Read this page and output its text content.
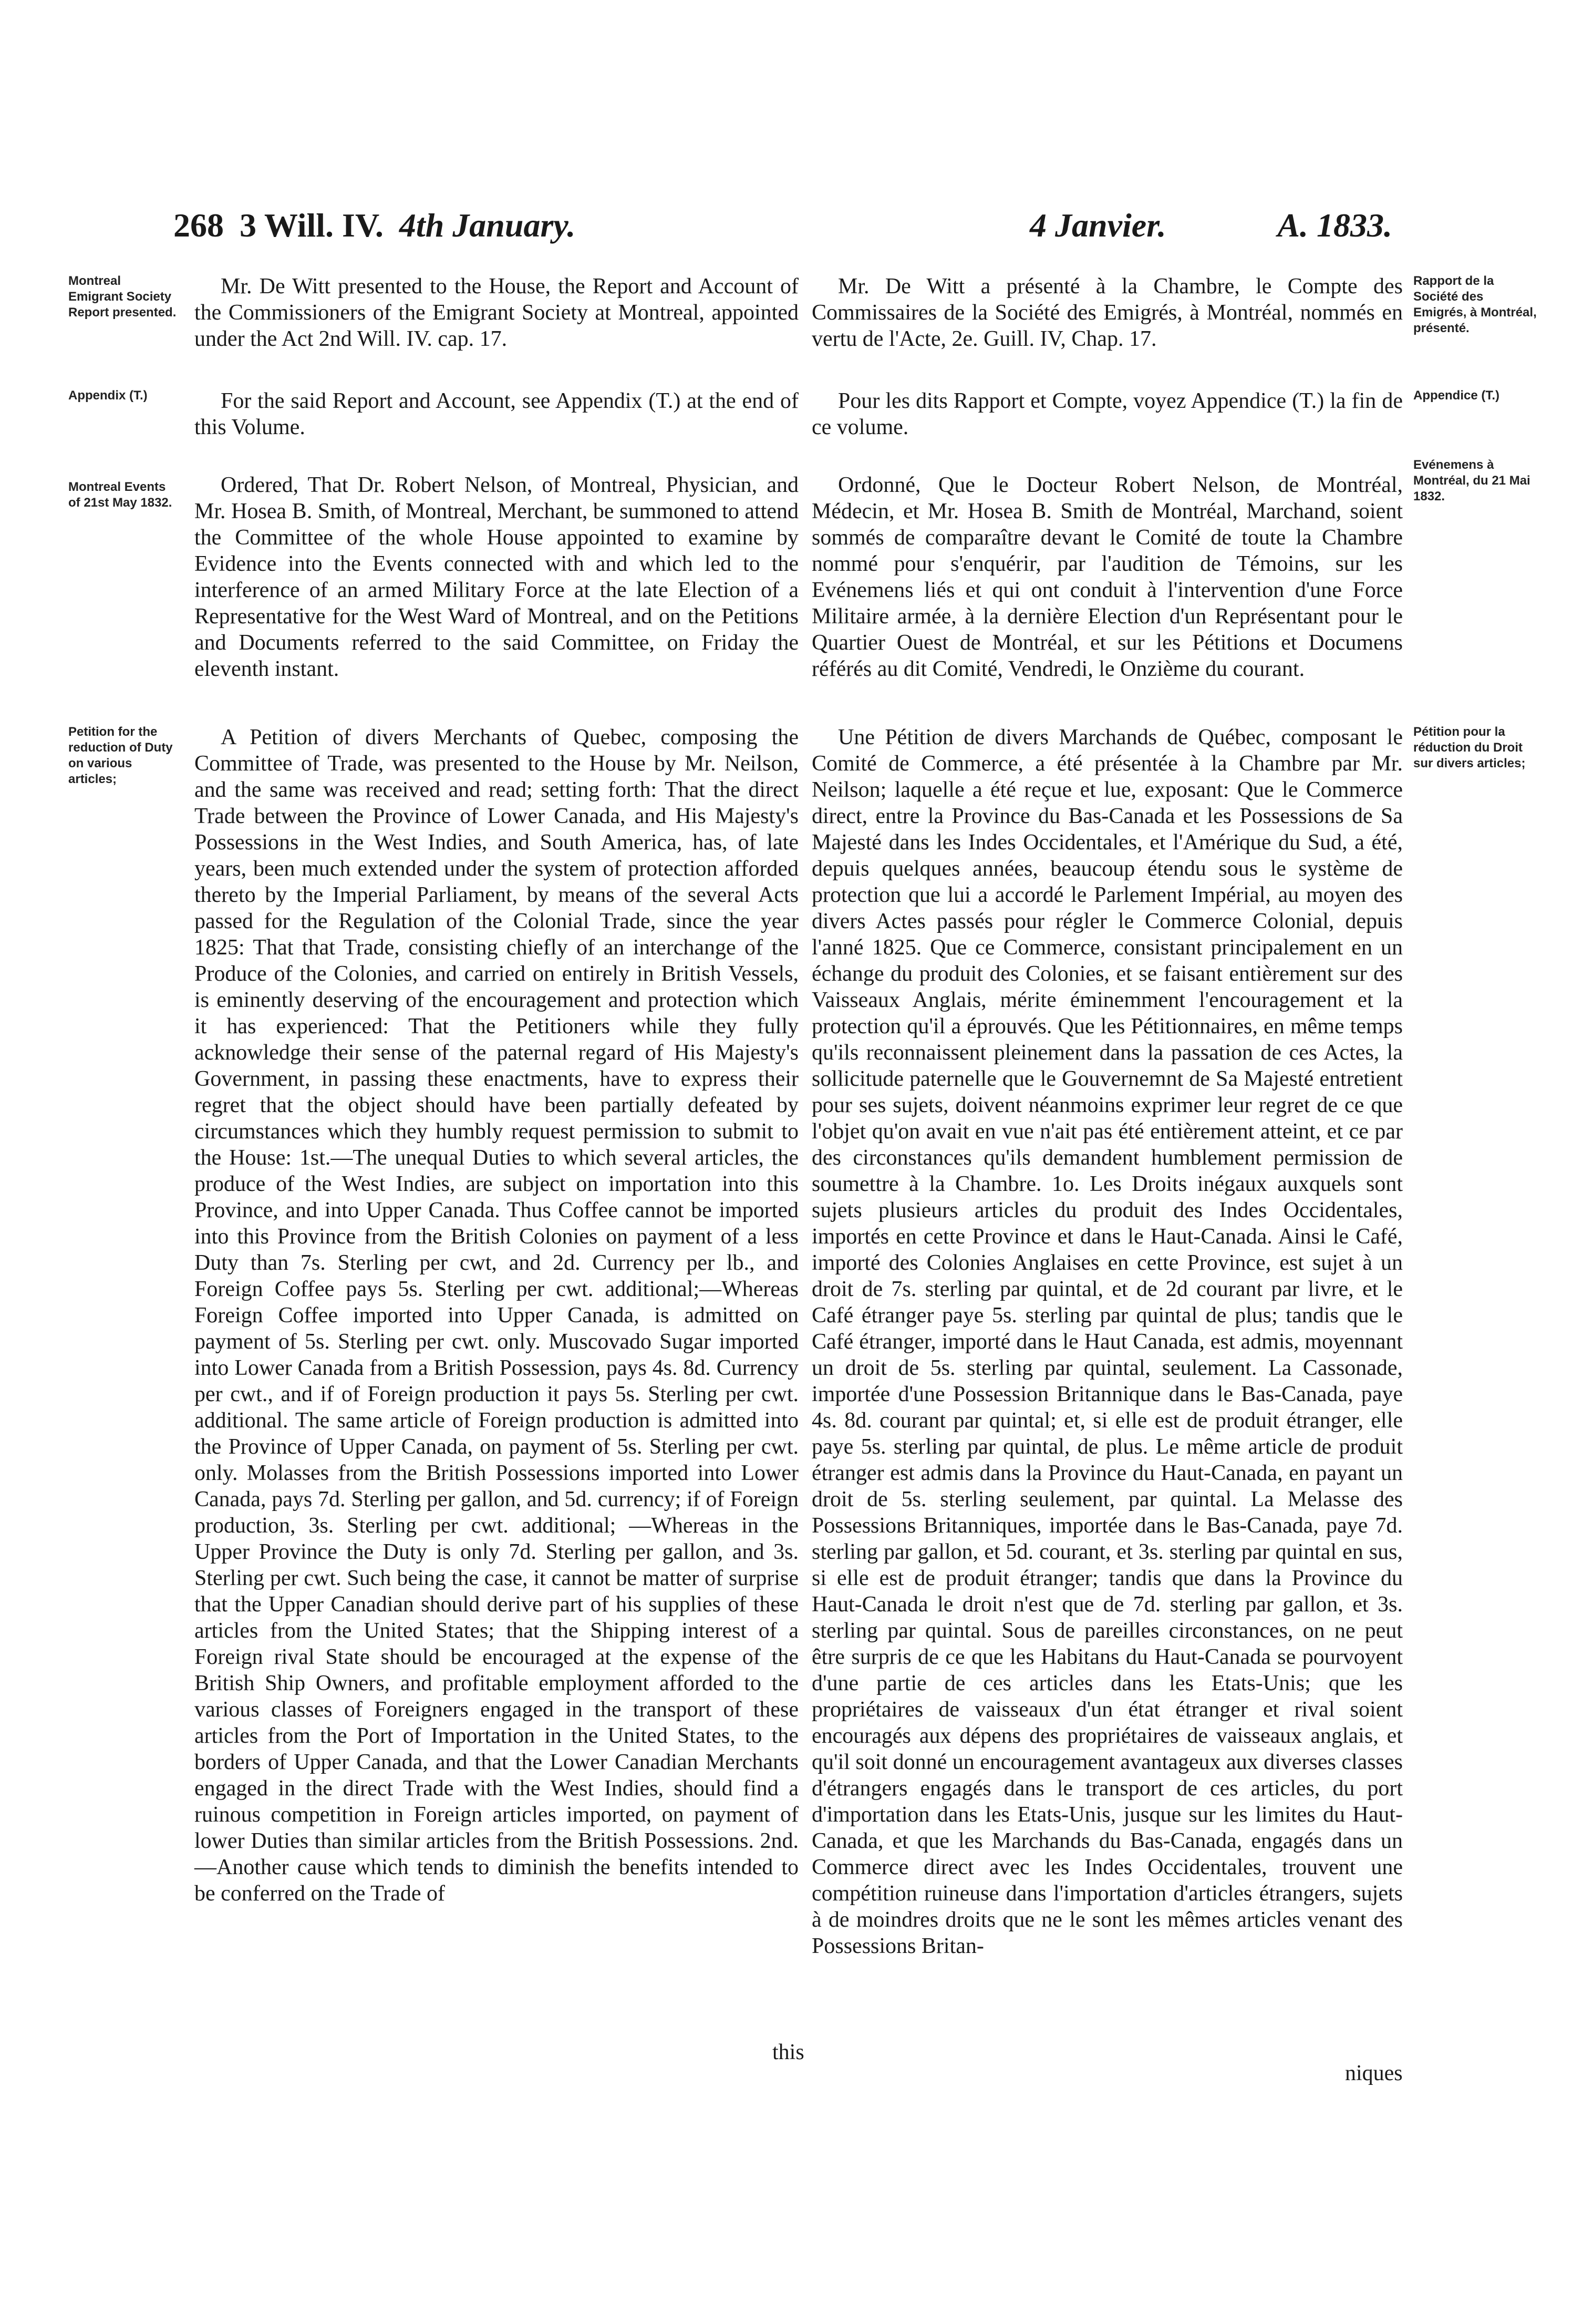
268 3 Will. IV. 4th January.	4 Janvier.	A. 1833.
Montreal Emigrant Society Report presented.
Appendix (T.)
Montreal Events of 21st May 1832.
Petition for the reduction of Duty on various articles;
Rapport de la Société des Emigrés, à Montréal, présenté.
Appendice (T.)
Evénemens à Montréal, du 21 Mai 1832.
Pétition pour la réduction du Droit sur divers articles;

Mr. De Witt presented to the House, the Report and Account of the Commissioners of the Emigrant Society at Montreal, appointed under the Act 2nd Will. IV. cap. 17.

For the said Report and Account, see Appendix (T.) at the end of this Volume.

Ordered, That Dr. Robert Nelson, of Montreal, Physician, and Mr. Hosea B. Smith, of Montreal, Merchant, be summoned to attend the Committee of the whole House appointed to examine by Evidence into the Events connected with and which led to the interference of an armed Military Force at the late Election of a Representative for the West Ward of Montreal, and on the Petitions and Documents referred to the said Committee, on Friday the eleventh instant.

A Petition of divers Merchants of Quebec, composing the Committee of Trade, was presented to the House by Mr. Neilson, and the same was received and read; setting forth: That the direct Trade between the Province of Lower Canada, and His Majesty's Possessions in the West Indies, and South America, has, of late years, been much extended under the system of protection afforded thereto by the Imperial Parliament, by means of the several Acts passed for the Regulation of the Colonial Trade, since the year 1825: That that Trade, consisting chiefly of an interchange of the Produce of the Colonies, and carried on entirely in British Vessels, is eminently deserving of the encouragement and protection which it has experienced: That the Petitioners while they fully acknowledge their sense of the paternal regard of His Majesty's Government, in passing these enactments, have to express their regret that the object should have been partially defeated by circumstances which they humbly request permission to submit to the House: 1st.—The unequal Duties to which several articles, the produce of the West Indies, are subject on importation into this Province, and into Upper Canada. Thus Coffee cannot be imported into this Province from the British Colonies on payment of a less Duty than 7s. Sterling per cwt, and 2d. Currency per lb., and Foreign Coffee pays 5s. Sterling per cwt. additional;—Whereas Foreign Coffee imported into Upper Canada, is admitted on payment of 5s. Sterling per cwt. only. Muscovado Sugar imported into Lower Canada from a British Possession, pays 4s. 8d. Currency per cwt., and if of Foreign production it pays 5s. Sterling per cwt. additional. The same article of Foreign production is admitted into the Province of Upper Canada, on payment of 5s. Sterling per cwt. only. Molasses from the British Possessions imported into Lower Canada, pays 7d. Sterling per gallon, and 5d. currency; if of Foreign production, 3s. Sterling per cwt. additional; —Whereas in the Upper Province the Duty is only 7d. Sterling per gallon, and 3s. Sterling per cwt. Such being the case, it cannot be matter of surprise that the Upper Canadian should derive part of his supplies of these articles from the United States; that the Shipping interest of a Foreign rival State should be encouraged at the expense of the British Ship Owners, and profitable employment afforded to the various classes of Foreigners engaged in the transport of these articles from the Port of Importation in the United States, to the borders of Upper Canada, and that the Lower Canadian Merchants engaged in the direct Trade with the West Indies, should find a ruinous competition in Foreign articles imported, on payment of lower Duties than similar articles from the British Possessions. 2nd.—Another cause which tends to diminish the benefits intended to be conferred on the Trade of

this

Mr. De Witt a présenté à la Chambre, le Compte des Commissaires de la Société des Emigrés, à Montréal, nommés en vertu de l'Acte, 2e. Guill. IV, Chap. 17.

Pour les dits Rapport et Compte, voyez Appendice (T.) la fin de ce volume.

Ordonné, Que le Docteur Robert Nelson, de Montréal, Médecin, et Mr. Hosea B. Smith de Montréal, Marchand, soient sommés de comparaître devant le Comité de toute la Chambre nommé pour s'enquérir, par l'audition de Témoins, sur les Evénemens liés et qui ont conduit à l'intervention d'une Force Militaire armée, à la dernière Election d'un Représentant pour le Quartier Ouest de Montréal, et sur les Pétitions et Documens référés au dit Comité, Vendredi, le Onzième du courant.

Une Pétition de divers Marchands de Québec, composant le Comité de Commerce, a été présentée à la Chambre par Mr. Neilson; laquelle a été reçue et lue, exposant: Que le Commerce direct, entre la Province du Bas-Canada et les Possessions de Sa Majesté dans les Indes Occidentales, et l'Amérique du Sud, a été, depuis quelques années, beaucoup étendu sous le système de protection que lui a accordé le Parlement Impérial, au moyen des divers Actes passés pour régler le Commerce Colonial, depuis l'anné 1825. Que ce Commerce, consistant principalement en un échange du produit des Colonies, et se faisant entièrement sur des Vaisseaux Anglais, mérite éminemment l'encouragement et la protection qu'il a éprouvés. Que les Pétitionnaires, en même temps qu'ils reconnaissent pleinement dans la passation de ces Actes, la sollicitude paternelle que le Gouvernemnt de Sa Majesté entretient pour ses sujets, doivent néanmoins exprimer leur regret de ce que l'objet qu'on avait en vue n'ait pas été entièrement atteint, et ce par des circonstances qu'ils demandent humblement permission de soumettre à la Chambre. 1o. Les Droits inégaux auxquels sont sujets plusieurs articles du produit des Indes Occidentales, importés en cette Province et dans le Haut-Canada. Ainsi le Café, importé des Colonies Anglaises en cette Province, est sujet à un droit de 7s. sterling par quintal, et de 2d courant par livre, et le Café étranger paye 5s. sterling par quintal de plus; tandis que le Café étranger, importé dans le Haut Canada, est admis, moyennant un droit de 5s. sterling par quintal, seulement. La Cassonade, importée d'une Possession Britannique dans le Bas-Canada, paye 4s. 8d. courant par quintal; et, si elle est de produit étranger, elle paye 5s. sterling par quintal, de plus. Le même article de produit étranger est admis dans la Province du Haut-Canada, en payant un droit de 5s. sterling seulement, par quintal. La Melasse des Possessions Britanniques, importée dans le Bas-Canada, paye 7d. sterling par gallon, et 5d. courant, et 3s. sterling par quintal en sus, si elle est de produit étranger; tandis que dans la Province du Haut-Canada le droit n'est que de 7d. sterling par gallon, et 3s. sterling par quintal. Sous de pareilles circonstances, on ne peut être surpris de ce que les Habitans du Haut-Canada se pourvoyent d'une partie de ces articles dans les Etats-Unis; que les propriétaires de vaisseaux d'un état étranger et rival soient encouragés aux dépens des propriétaires de vaisseaux anglais, et qu'il soit donné un encouragement avantageux aux diverses classes d'étrangers engagés dans le transport de ces articles, du port d'importation dans les Etats-Unis, jusque sur les limites du Haut-Canada, et que les Marchands du Bas-Canada, engagés dans un Commerce direct avec les Indes Occidentales, trouvent une compétition ruineuse dans l'importation d'articles étrangers, sujets à de moindres droits que ne le sont les mêmes articles venant des Possessions Britan-

niques
